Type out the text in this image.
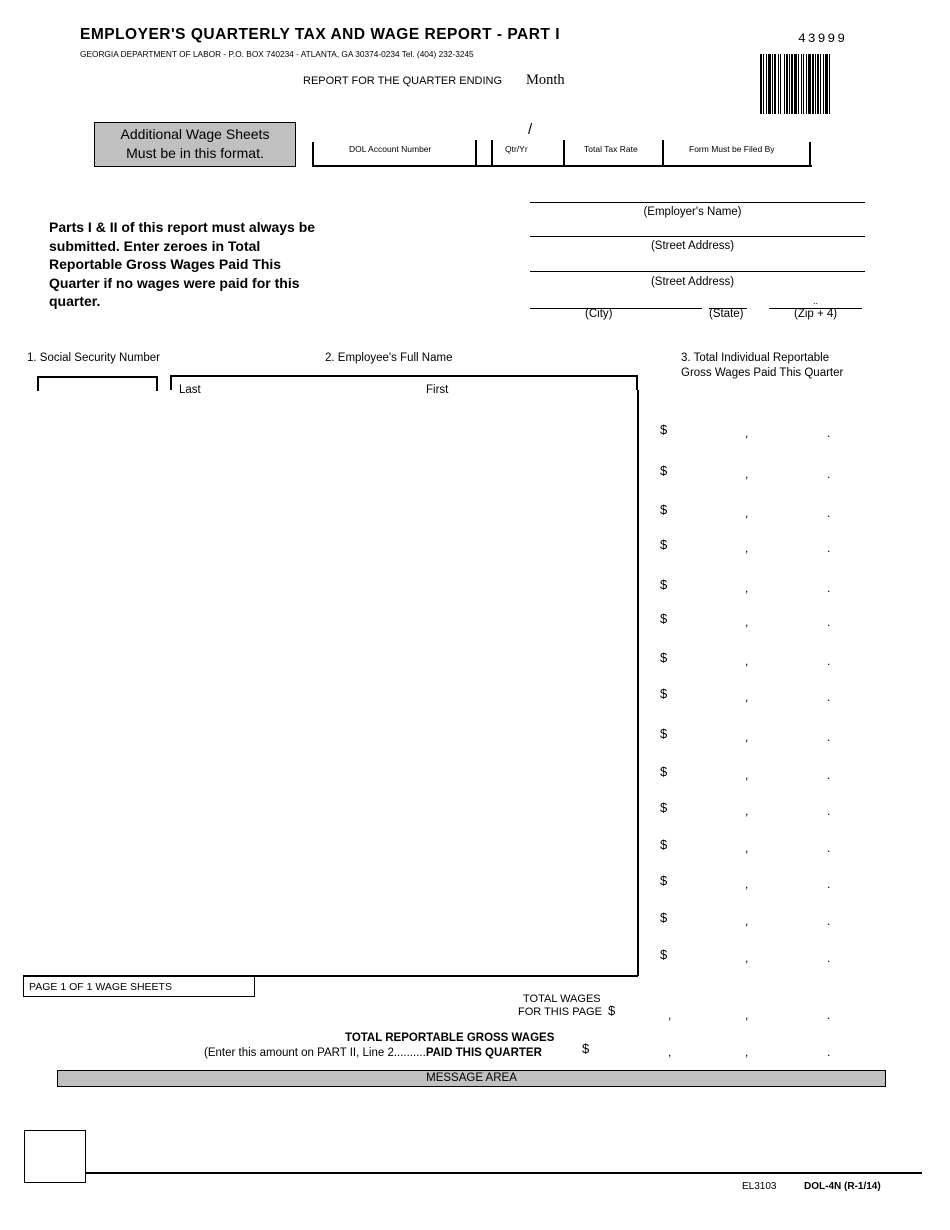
EMPLOYER'S QUARTERLY TAX AND WAGE REPORT - PART I
GEORGIA DEPARTMENT OF LABOR - P.O. BOX 740234 - ATLANTA, GA 30374-0234 Tel. (404) 232-3245
43999
REPORT FOR THE QUARTER ENDING Month
Additional Wage Sheets
Must be in this format.
/
DOL Account Number	Qtr/Yr	Total Tax Rate	Form Must be Filed By
Parts I & II of this report must always be submitted. Enter zeroes in Total Reportable Gross Wages Paid This Quarter if no wages were paid for this quarter.
(Employer's Name)
(Street Address)
(Street Address)
..
(City)	(State)	(Zip + 4)
1. Social Security Number	2. Employee's Full Name	3. Total Individual Reportable
Gross Wages Paid This Quarter
Last	First
$	,	.
$	,	.
$	,	.
$	,	.
$	,	.
$	,	.
$	,	.
$	,	.
$	,	.
$	,	.
$	,	.
$	,	.
$	,	.
$	,	.
$	,	.
PAGE 1 OF 1 WAGE SHEETS
TOTAL WAGES
FOR THIS PAGE $	,	,	.
TOTAL REPORTABLE GROSS WAGES
(Enter this amount on PART II, Line 2..........PAID THIS QUARTER	$	,	,	.
MESSAGE AREA
EL3103	DOL-4N (R-1/14)
